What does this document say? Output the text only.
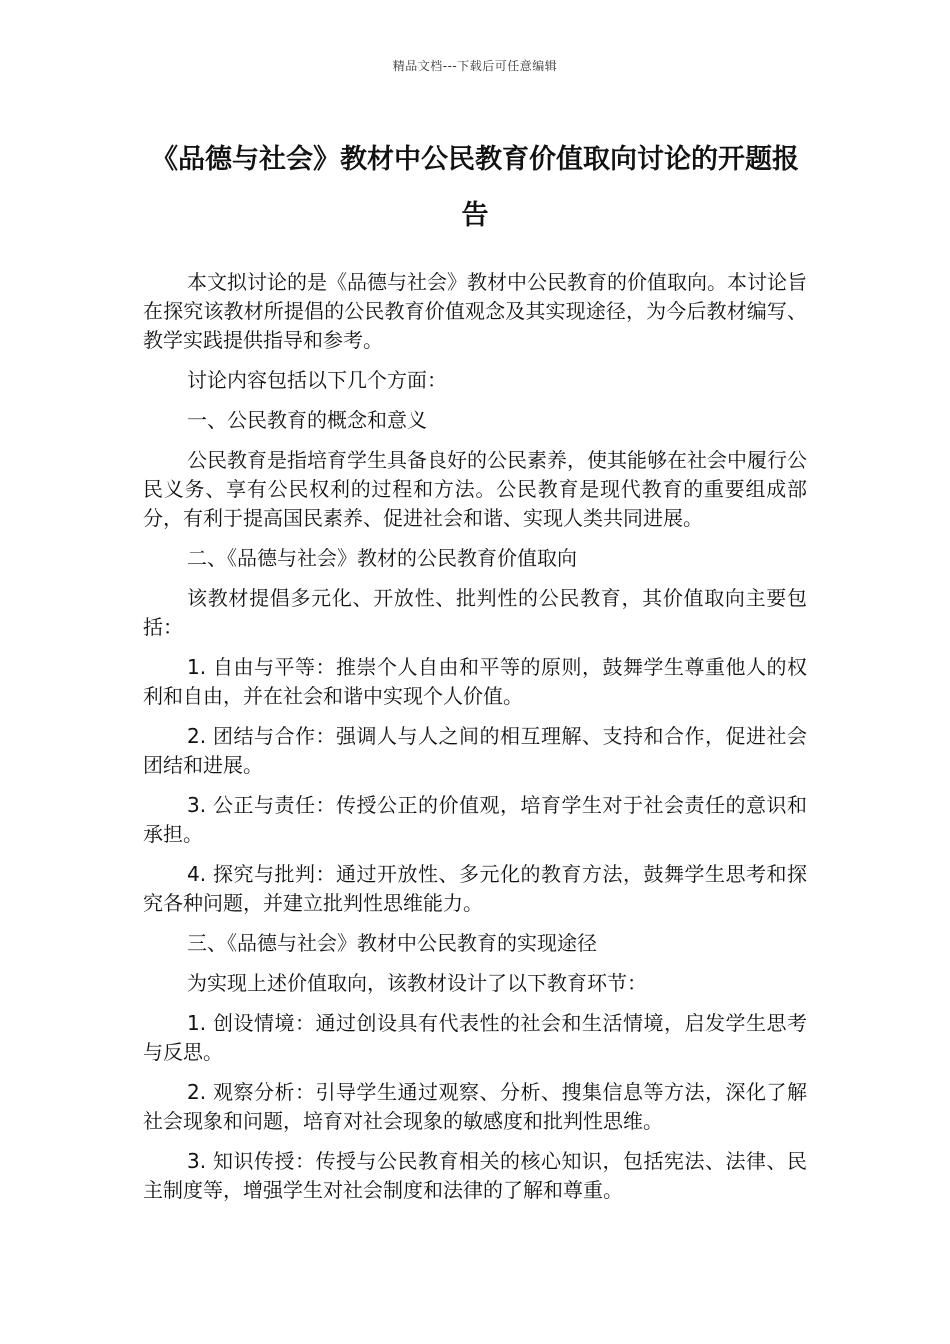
精品文档---下载后可任意编辑
《品德与社会》教材中公民教育价值取向讨论的开题报告

本文拟讨论的是《品德与社会》教材中公民教育的价值取向。本讨论旨在探究该教材所提倡的公民教育价值观念及其实现途径，为今后教材编写、教学实践提供指导和参考。

讨论内容包括以下几个方面：

一、公民教育的概念和意义

公民教育是指培育学生具备良好的公民素养，使其能够在社会中履行公民义务、享有公民权利的过程和方法。公民教育是现代教育的重要组成部分，有利于提高国民素养、促进社会和谐、实现人类共同进展。

二、《品德与社会》教材的公民教育价值取向

该教材提倡多元化、开放性、批判性的公民教育，其价值取向主要包括：

1. 自由与平等：推崇个人自由和平等的原则，鼓舞学生尊重他人的权利和自由，并在社会和谐中实现个人价值。

2. 团结与合作：强调人与人之间的相互理解、支持和合作，促进社会团结和进展。

3. 公正与责任：传授公正的价值观，培育学生对于社会责任的意识和承担。

4. 探究与批判：通过开放性、多元化的教育方法，鼓舞学生思考和探究各种问题，并建立批判性思维能力。

三、《品德与社会》教材中公民教育的实现途径

为实现上述价值取向，该教材设计了以下教育环节：

1. 创设情境：通过创设具有代表性的社会和生活情境，启发学生思考与反思。

2. 观察分析：引导学生通过观察、分析、搜集信息等方法，深化了解社会现象和问题，培育对社会现象的敏感度和批判性思维。

3. 知识传授：传授与公民教育相关的核心知识，包括宪法、法律、民主制度等，增强学生对社会制度和法律的了解和尊重。
